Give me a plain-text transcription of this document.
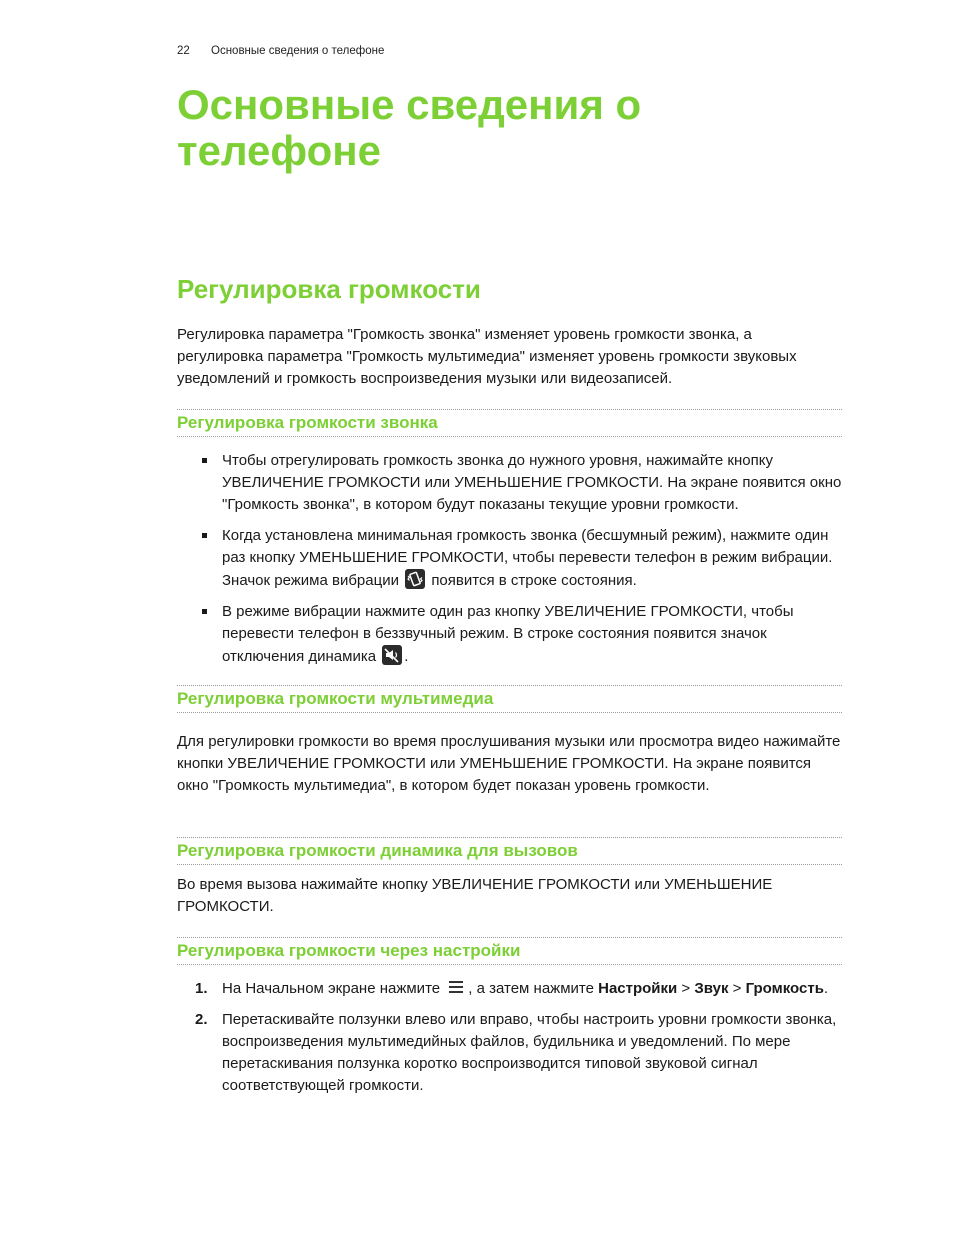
22 Основные сведения о телефоне
Основные сведения о телефоне
Регулировка громкости

Регулировка параметра "Громкость звонка" изменяет уровень громкости звонка, а регулировка параметра "Громкость мультимедиа" изменяет уровень громкости звуковых уведомлений и громкость воспроизведения музыки или видеозаписей.

Регулировка громкости звонка
Чтобы отрегулировать громкость звонка до нужного уровня, нажимайте кнопку УВЕЛИЧЕНИЕ ГРОМКОСТИ или УМЕНЬШЕНИЕ ГРОМКОСТИ. На экране появится окно "Громкость звонка", в котором будут показаны текущие уровни громкости.
Когда установлена минимальная громкость звонка (бесшумный режим), нажмите один раз кнопку УМЕНЬШЕНИЕ ГРОМКОСТИ, чтобы перевести телефон в режим вибрации. Значок режима вибрации появится в строке состояния.
В режиме вибрации нажмите один раз кнопку УВЕЛИЧЕНИЕ ГРОМКОСТИ, чтобы перевести телефон в беззвучный режим. В строке состояния появится значок отключения динамика .
Регулировка громкости мультимедиа

Для регулировки громкости во время прослушивания музыки или просмотра видео нажимайте кнопки УВЕЛИЧЕНИЕ ГРОМКОСТИ или УМЕНЬШЕНИЕ ГРОМКОСТИ. На экране появится окно "Громкость мультимедиа", в котором будет показан уровень громкости.

Регулировка громкости динамика для вызовов

Во время вызова нажимайте кнопку УВЕЛИЧЕНИЕ ГРОМКОСТИ или УМЕНЬШЕНИЕ ГРОМКОСТИ.

Регулировка громкости через настройки
1. На Начальном экране нажмите , а затем нажмите Настройки > Звук > Громкость.
2. Перетаскивайте ползунки влево или вправо, чтобы настроить уровни громкости звонка, воспроизведения мультимедийных файлов, будильника и уведомлений. По мере перетаскивания ползунка коротко воспроизводится типовой звуковой сигнал соответствующей громкости.
